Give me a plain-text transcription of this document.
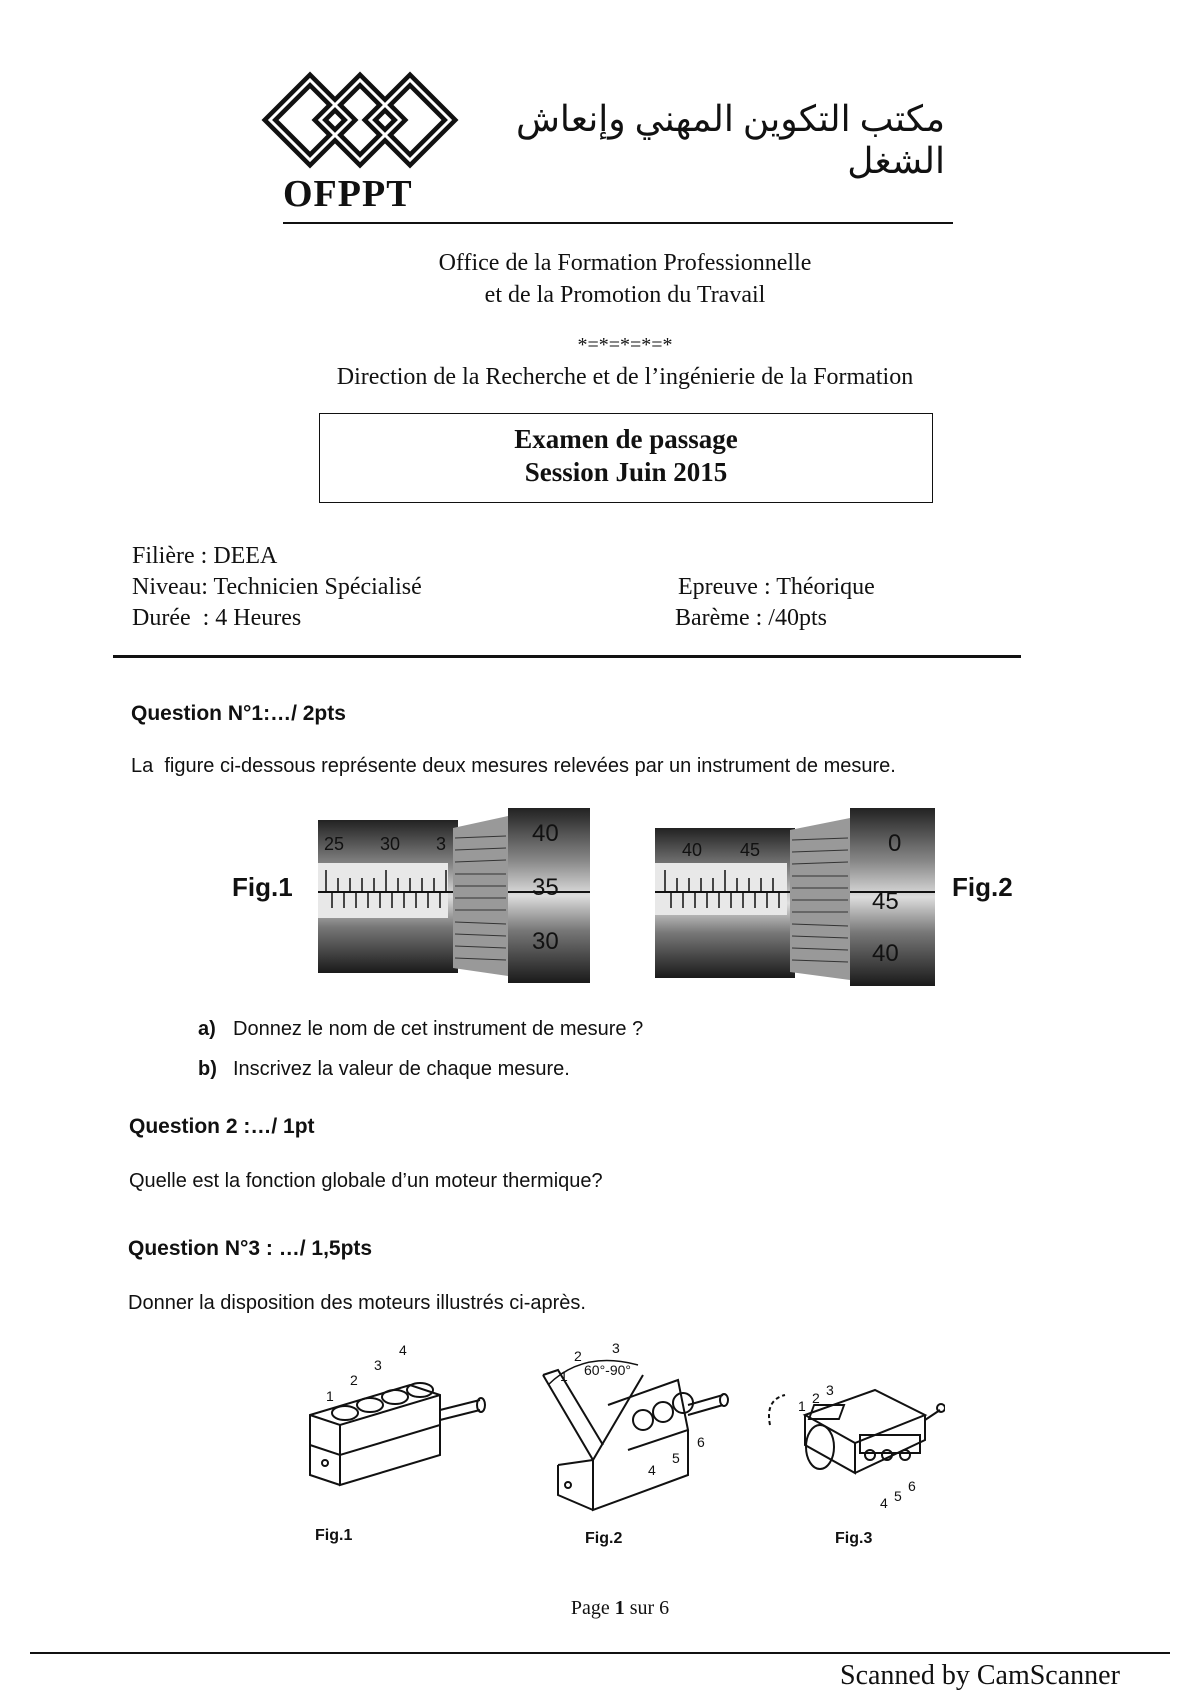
OFPPT
مكتب التكوين المهني وإنعاش الشغل
Office de la Formation Professionnelle
et de la Promotion du Travail
*=*=*=*=*
Direction de la Recherche et de l’ingénierie de la Formation
Examen de passage
Session Juin 2015
Filière : DEEA
Niveau: Technicien Spécialisé
Durée  : 4 Heures
Epreuve : Théorique
Barème : /40pts
Question N°1:…/ 2pts
La  figure ci-dessous représente deux mesures relevées par un instrument de mesure.
Fig.1
25 30 3	40
35
30
40 45	0
45
40
Fig.2
a) Donnez le nom de cet instrument de mesure ?
b) Inscrivez la valeur de chaque mesure.
Question 2 :…/ 1pt
Quelle est la fonction globale d’un moteur thermique?
Question N°3 : …/ 1,5pts
Donner la disposition des moteurs illustrés ci-après.
1
2
3
4
1
2 3
4
5
6
60°-90°
1 2 3
4 5
6
Fig.1	Fig.2	Fig.3
Page 1 sur 6
Scanned by CamScanner
